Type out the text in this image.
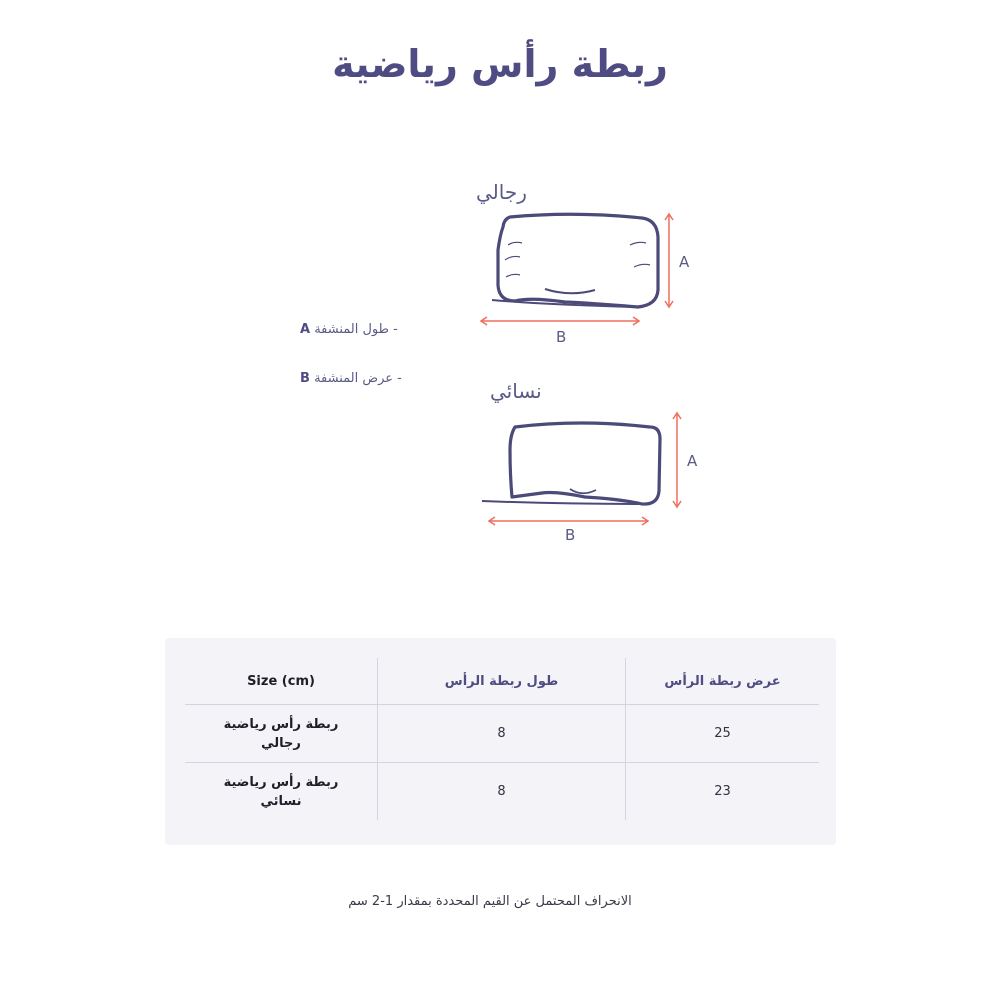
ربطة رأس رياضية
A طول المنشفة -
B عرض المنشفة -
رجالي
A
B
نسائي
A
B
Size (cm)	طول ربطة الرأس	عرض ربطة الرأس

ربطة رأس رياضية
رجالي	8	25

ربطة رأس رياضية
نسائي	8	23
الانحراف المحتمل عن القيم المحددة بمقدار 1-2 سم
